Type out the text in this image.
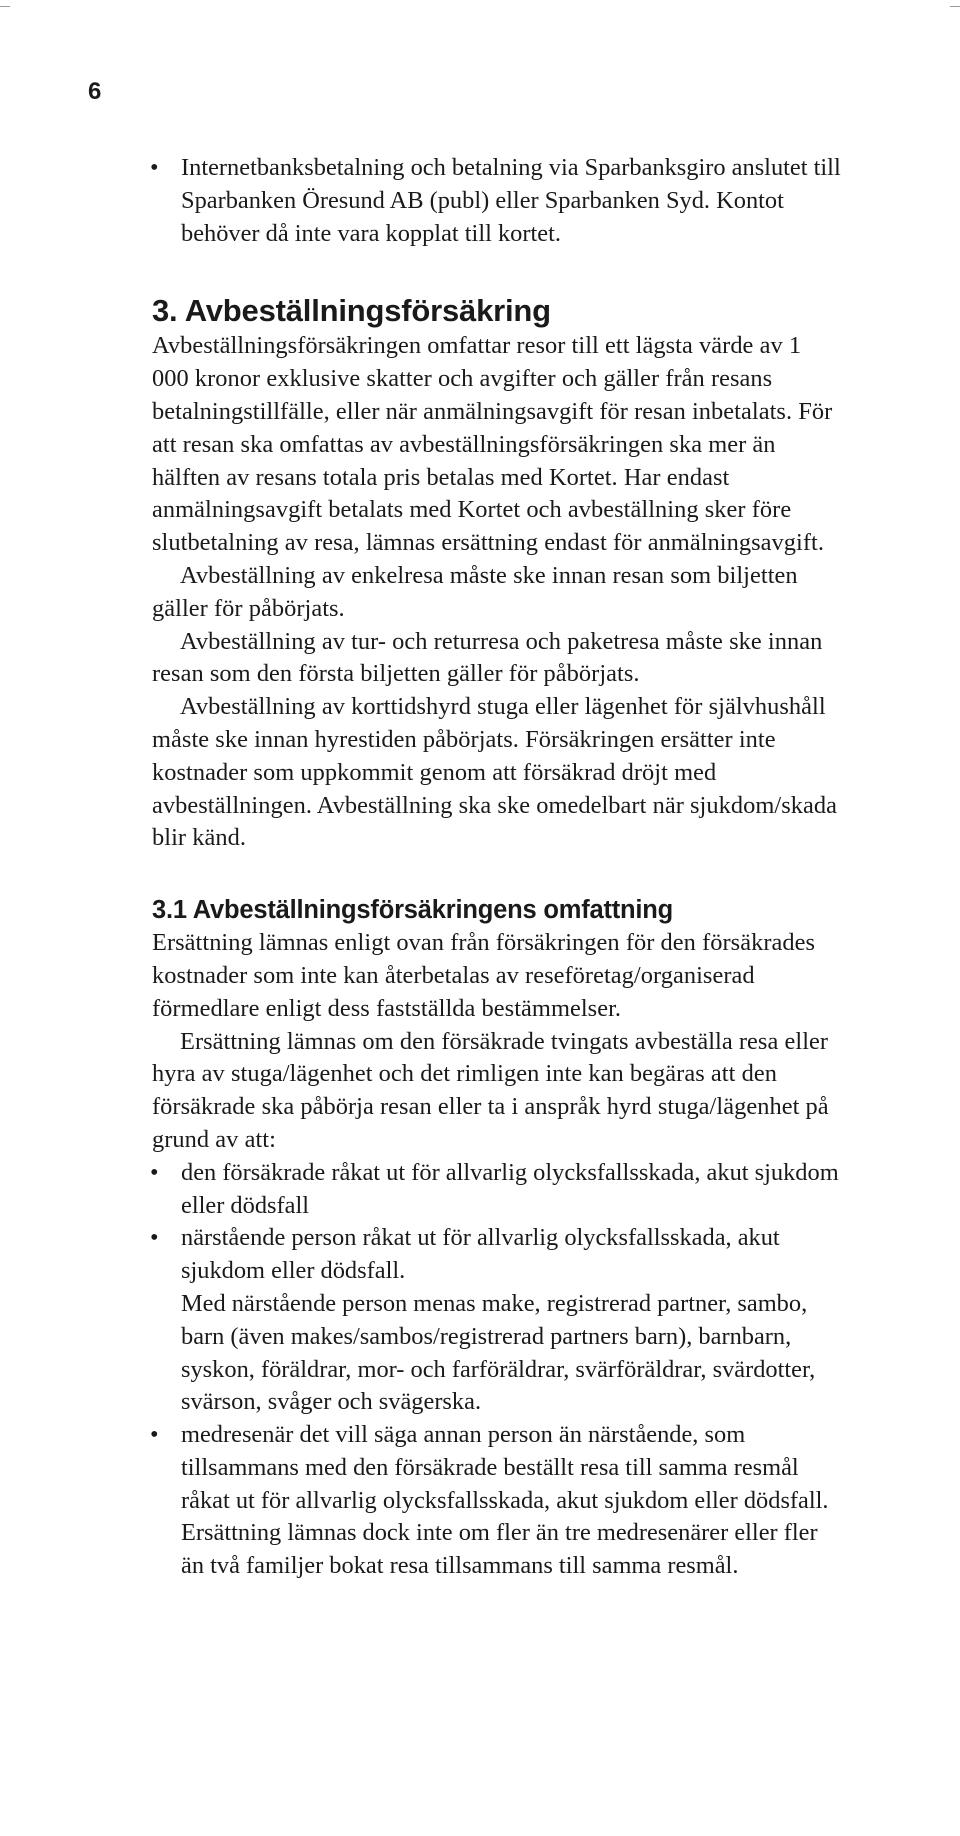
6

• Internetbanksbetalning och betalning via Sparbanksgiro anslutet till Sparbanken Öresund AB (publ) eller Sparbanken Syd. Kontot behöver då inte vara kopplat till kortet.

3. Avbeställningsförsäkring

Avbeställningsförsäkringen omfattar resor till ett lägsta värde av 1 000 kronor exklusive skatter och avgifter och gäller från resans betalningstillfälle, eller när anmälningsavgift för resan inbetalats. För att resan ska omfattas av avbeställningsförsäkringen ska mer än hälften av resans totala pris betalas med Kortet. Har endast anmälningsavgift betalats med Kortet och avbeställning sker före slutbetalning av resa, lämnas ersättning endast för anmälningsavgift.

Avbeställning av enkelresa måste ske innan resan som biljetten gäller för påbörjats.

Avbeställning av tur- och returresa och paketresa måste ske innan resan som den första biljetten gäller för påbörjats.

Avbeställning av korttidshyrd stuga eller lägenhet för självhushåll måste ske innan hyrestiden påbörjats. Försäkringen ersätter inte kostnader som uppkommit genom att försäkrad dröjt med avbeställningen. Avbeställning ska ske omedelbart när sjukdom/skada blir känd.

3.1 Avbeställningsförsäkringens omfattning

Ersättning lämnas enligt ovan från försäkringen för den försäkrades kostnader som inte kan återbetalas av reseföretag/organiserad förmedlare enligt dess fastställda bestämmelser.

Ersättning lämnas om den försäkrade tvingats avbeställa resa eller hyra av stuga/lägenhet och det rimligen inte kan begäras att den försäkrade ska påbörja resan eller ta i anspråk hyrd stuga/lägenhet på grund av att:

• den försäkrade råkat ut för allvarlig olycksfallsskada, akut sjukdom eller dödsfall

• närstående person råkat ut för allvarlig olycksfallsskada, akut sjukdom eller dödsfall.

Med närstående person menas make, registrerad partner, sambo, barn (även makes/sambos/registrerad partners barn), barnbarn, syskon, föräldrar, mor- och farföräldrar, svärföräldrar, svärdotter, svärson, svåger och svägerska.

• medresenär det vill säga annan person än närstående, som tillsammans med den försäkrade beställt resa till samma resmål råkat ut för allvarlig olycksfallsskada, akut sjukdom eller dödsfall. Ersättning lämnas dock inte om fler än tre medresenärer eller fler än två familjer bokat resa tillsammans till samma resmål.
